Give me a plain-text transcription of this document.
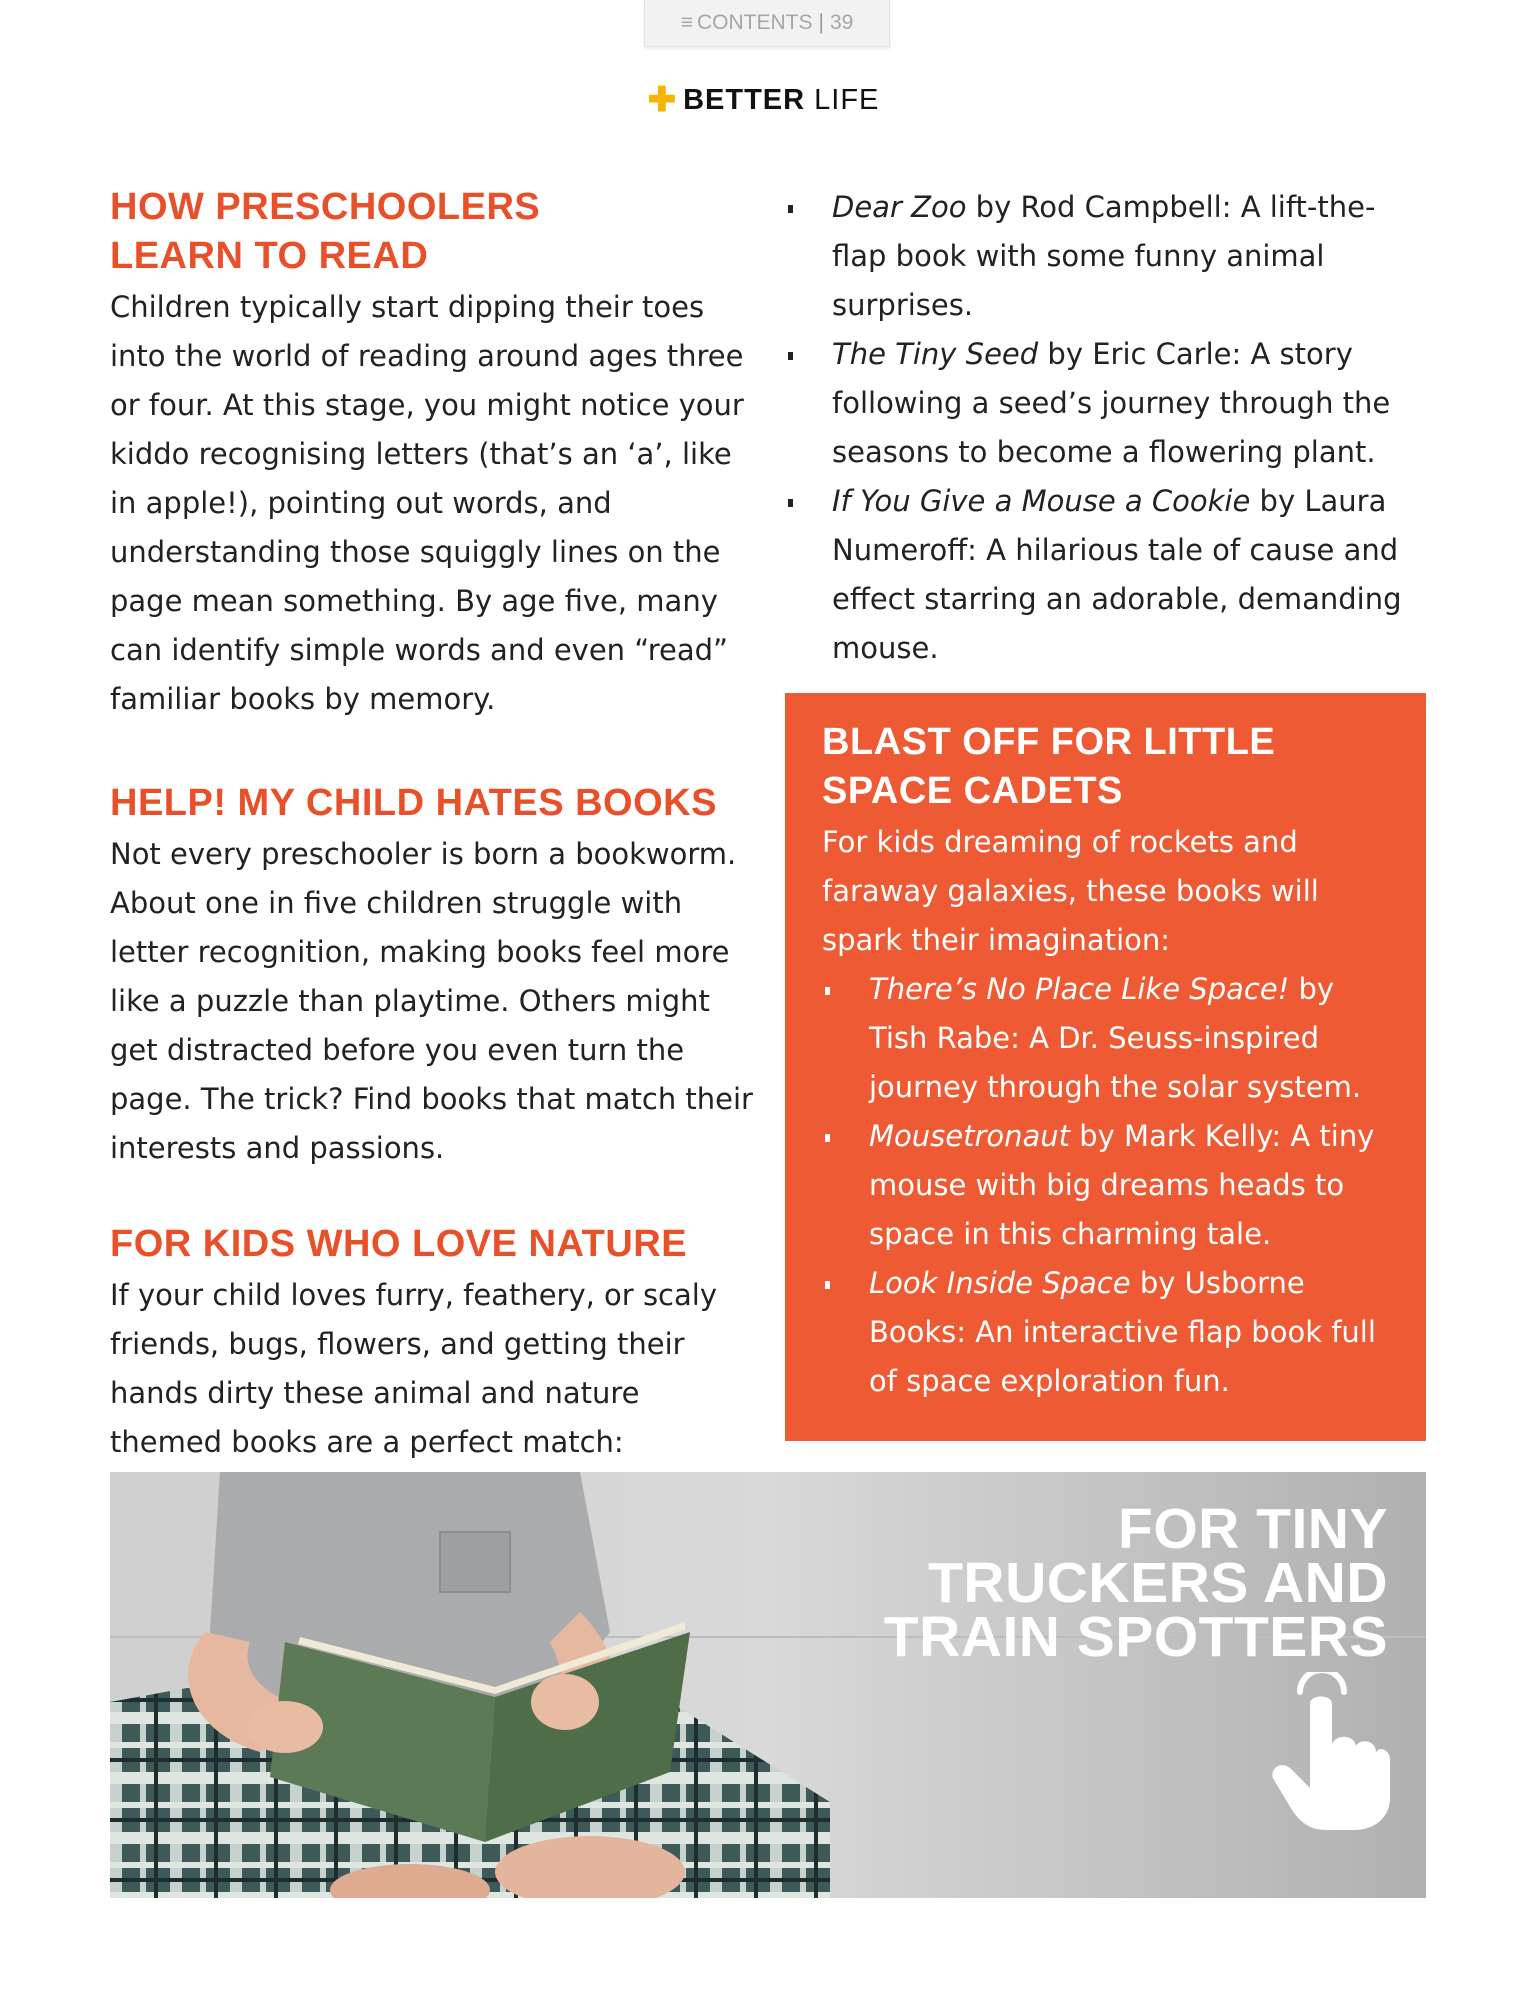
≡ CONTENTS | 39
✚ BETTER LIFE
HOW PRESCHOOLERS
LEARN TO READ

Children typically start dipping their toes into the world of reading around ages three or four. At this stage, you might notice your kiddo recognising letters (that’s an ‘a’, like in apple!), pointing out words, and understanding those squiggly lines on the page mean something. By age five, many can identify simple words and even “read” familiar books by memory.

HELP! MY CHILD HATES BOOKS

Not every preschooler is born a bookworm. About one in five children struggle with letter recognition, making books feel more like a puzzle than playtime. Others might get distracted before you even turn the page. The trick? Find books that match their interests and passions.

FOR KIDS WHO LOVE NATURE

If your child loves furry, feathery, or scaly friends, bugs, flowers, and getting their hands dirty these animal and nature themed books are a perfect match:

Dear Zoo by Rod Campbell: A lift-the-flap book with some funny animal surprises.
The Tiny Seed by Eric Carle: A story following a seed’s journey through the seasons to become a flowering plant.
If You Give a Mouse a Cookie by Laura Numeroff: A hilarious tale of cause and effect starring an adorable, demanding mouse.
BLAST OFF FOR LITTLE
SPACE CADETS

For kids dreaming of rockets and faraway galaxies, these books will spark their imagination:

There’s No Place Like Space! by Tish Rabe: A Dr. Seuss-inspired journey through the solar system.
Mousetronaut by Mark Kelly: A tiny mouse with big dreams heads to space in this charming tale.
Look Inside Space by Usborne Books: An interactive flap book full of space exploration fun.
FOR TINY
TRUCKERS AND
TRAIN SPOTTERS
